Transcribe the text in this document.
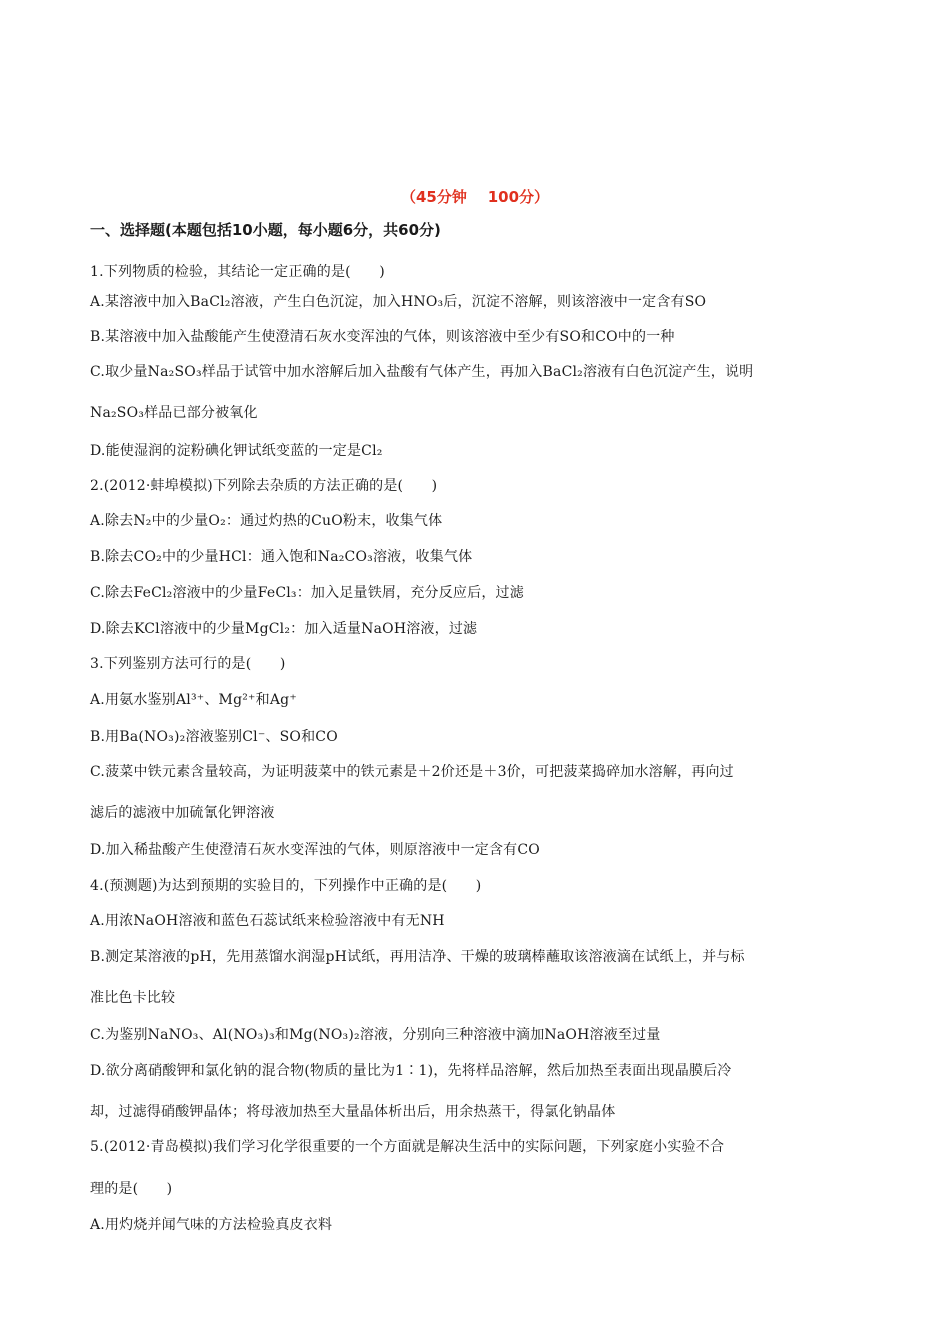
（45分钟    100分）
一、选择题(本题包括10小题，每小题6分，共60分)
1.下列物质的检验，其结论一定正确的是(　　)
A.某溶液中加入BaCl₂溶液，产生白色沉淀，加入HNO₃后，沉淀不溶解，则该溶液中一定含有SO
B.某溶液中加入盐酸能产生使澄清石灰水变浑浊的气体，则该溶液中至少有SO和CO中的一种
C.取少量Na₂SO₃样品于试管中加水溶解后加入盐酸有气体产生，再加入BaCl₂溶液有白色沉淀产生，说明
Na₂SO₃样品已部分被氧化
D.能使湿润的淀粉碘化钾试纸变蓝的一定是Cl₂
2.(2012·蚌埠模拟)下列除去杂质的方法正确的是(　　)
A.除去N₂中的少量O₂：通过灼热的CuO粉末，收集气体
B.除去CO₂中的少量HCl：通入饱和Na₂CO₃溶液，收集气体
C.除去FeCl₂溶液中的少量FeCl₃：加入足量铁屑，充分反应后，过滤
D.除去KCl溶液中的少量MgCl₂：加入适量NaOH溶液，过滤
3.下列鉴别方法可行的是(　　)
A.用氨水鉴别Al³⁺、Mg²⁺和Ag⁺
B.用Ba(NO₃)₂溶液鉴别Cl⁻、SO和CO
C.菠菜中铁元素含量较高，为证明菠菜中的铁元素是＋2价还是＋3价，可把菠菜捣碎加水溶解，再向过
滤后的滤液中加硫氰化钾溶液
D.加入稀盐酸产生使澄清石灰水变浑浊的气体，则原溶液中一定含有CO
4.(预测题)为达到预期的实验目的，下列操作中正确的是(　　)
A.用浓NaOH溶液和蓝色石蕊试纸来检验溶液中有无NH
B.测定某溶液的pH，先用蒸馏水润湿pH试纸，再用洁净、干燥的玻璃棒蘸取该溶液滴在试纸上，并与标
准比色卡比较
C.为鉴别NaNO₃、Al(NO₃)₃和Mg(NO₃)₂溶液，分别向三种溶液中滴加NaOH溶液至过量
D.欲分离硝酸钾和氯化钠的混合物(物质的量比为1∶1)，先将样品溶解，然后加热至表面出现晶膜后冷
却，过滤得硝酸钾晶体；将母液加热至大量晶体析出后，用余热蒸干，得氯化钠晶体
5.(2012·青岛模拟)我们学习化学很重要的一个方面就是解决生活中的实际问题，下列家庭小实验不合
理的是(　　)
A.用灼烧并闻气味的方法检验真皮衣料
